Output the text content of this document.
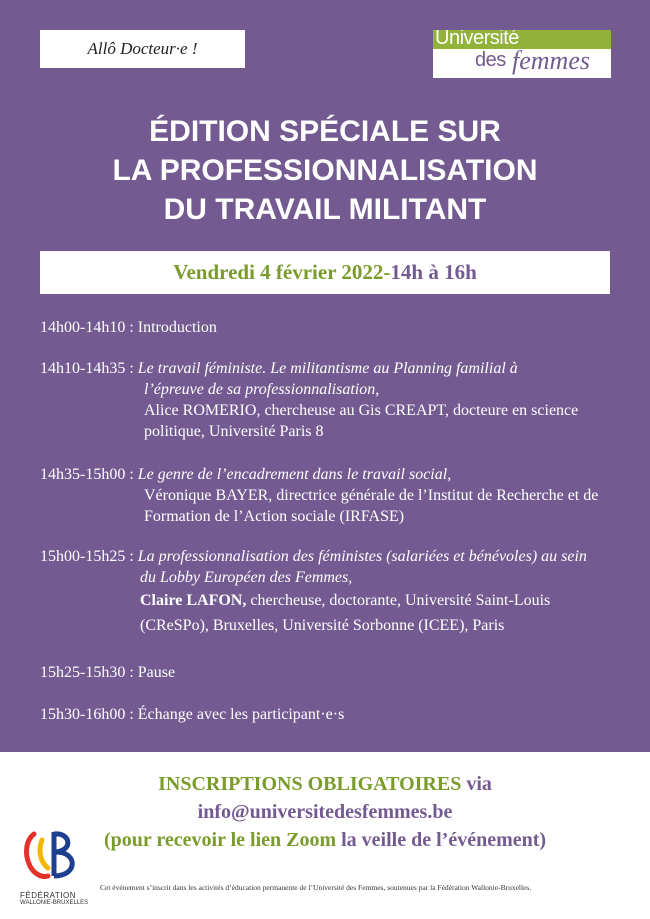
Allô Docteur·e !	Université
des femmes
ÉDITION SPÉCIALE SUR
LA PROFESSIONNALISATION
DU TRAVAIL MILITANT
Vendredi 4 février 2022 - 14h à 16h
14h00-14h10 : Introduction
14h10-14h35 : Le travail féministe. Le militantisme au Planning familial à
l’épreuve de sa professionnalisation,
Alice ROMERIO, chercheuse au Gis CREAPT, docteure en science
politique, Université Paris 8
14h35-15h00 : Le genre de l’encadrement dans le travail social,
Véronique BAYER, directrice générale de l’Institut de Recherche et de
Formation de l’Action sociale (IRFASE)
15h00-15h25 : La professionnalisation des féministes (salariées et bénévoles) au sein
du Lobby Européen des Femmes,
Claire LAFON, chercheuse, doctorante, Université Saint-Louis
(CReSPo), Bruxelles, Université Sorbonne (ICEE), Paris
15h25-15h30 : Pause
15h30-16h00 : Échange avec les participant·e·s
INSCRIPTIONS OBLIGATOIRES via
info@universitedesfemmes.be
(pour recevoir le lien Zoom la veille de l’événement)
FÉDÉRATION
WALLONIE-BRUXELLES
Cet événement s’inscrit dans les activités d’éducation permanente de l’Université des Femmes, soutenues par la Fédération Wallonie-Bruxelles.
